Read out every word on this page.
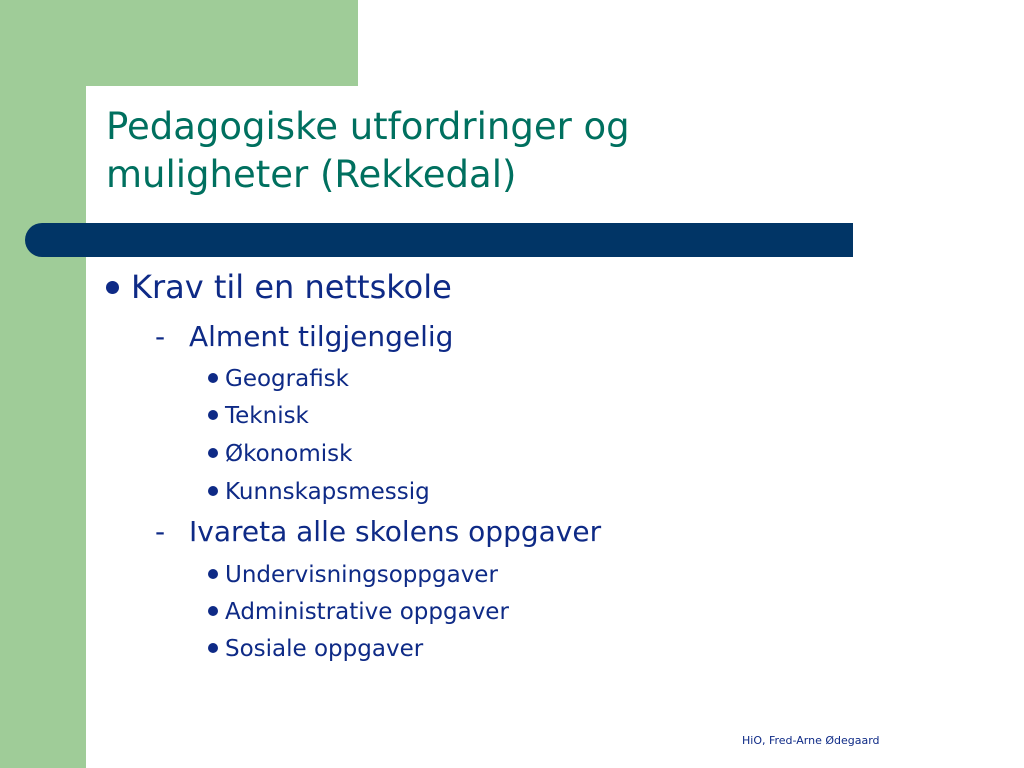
Pedagogiske utfordringer og
muligheter (Rekkedal)
Krav til en nettskole
- Alment tilgjengelig
Geografisk
Teknisk
Økonomisk
Kunnskapsmessig
- Ivareta alle skolens oppgaver
Undervisningsoppgaver
Administrative oppgaver
Sosiale oppgaver
HiO, Fred-Arne Ødegaard
